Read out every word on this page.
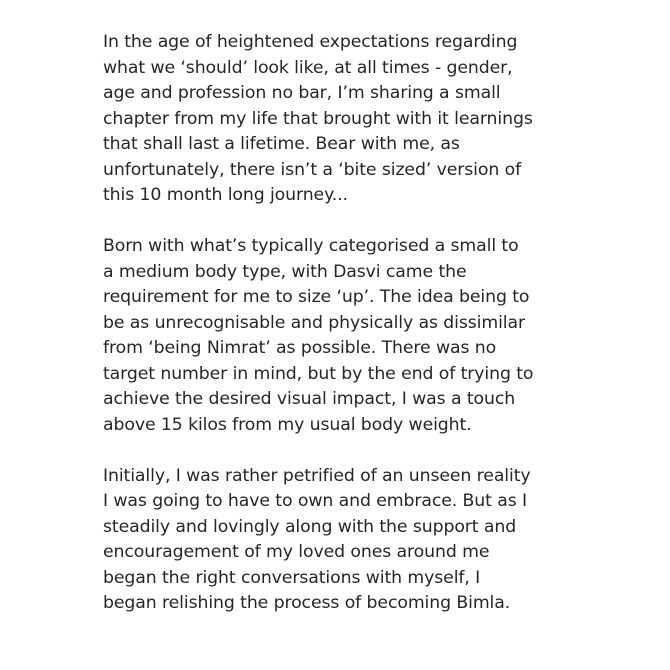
In the age of heightened expectations regarding
what we ‘should’ look like, at all times - gender,
age and profession no bar, I’m sharing a small
chapter from my life that brought with it learnings
that shall last a lifetime. Bear with me, as
unfortunately, there isn’t a ‘bite sized’ version of
this 10 month long journey...

Born with what’s typically categorised a small to
a medium body type, with Dasvi came the
requirement for me to size ‘up’. The idea being to
be as unrecognisable and physically as dissimilar
from ‘being Nimrat’ as possible. There was no
target number in mind, but by the end of trying to
achieve the desired visual impact, I was a touch
above 15 kilos from my usual body weight.

Initially, I was rather petrified of an unseen reality
I was going to have to own and embrace. But as I
steadily and lovingly along with the support and
encouragement of my loved ones around me
began the right conversations with myself, I
began relishing the process of becoming Bimla.
